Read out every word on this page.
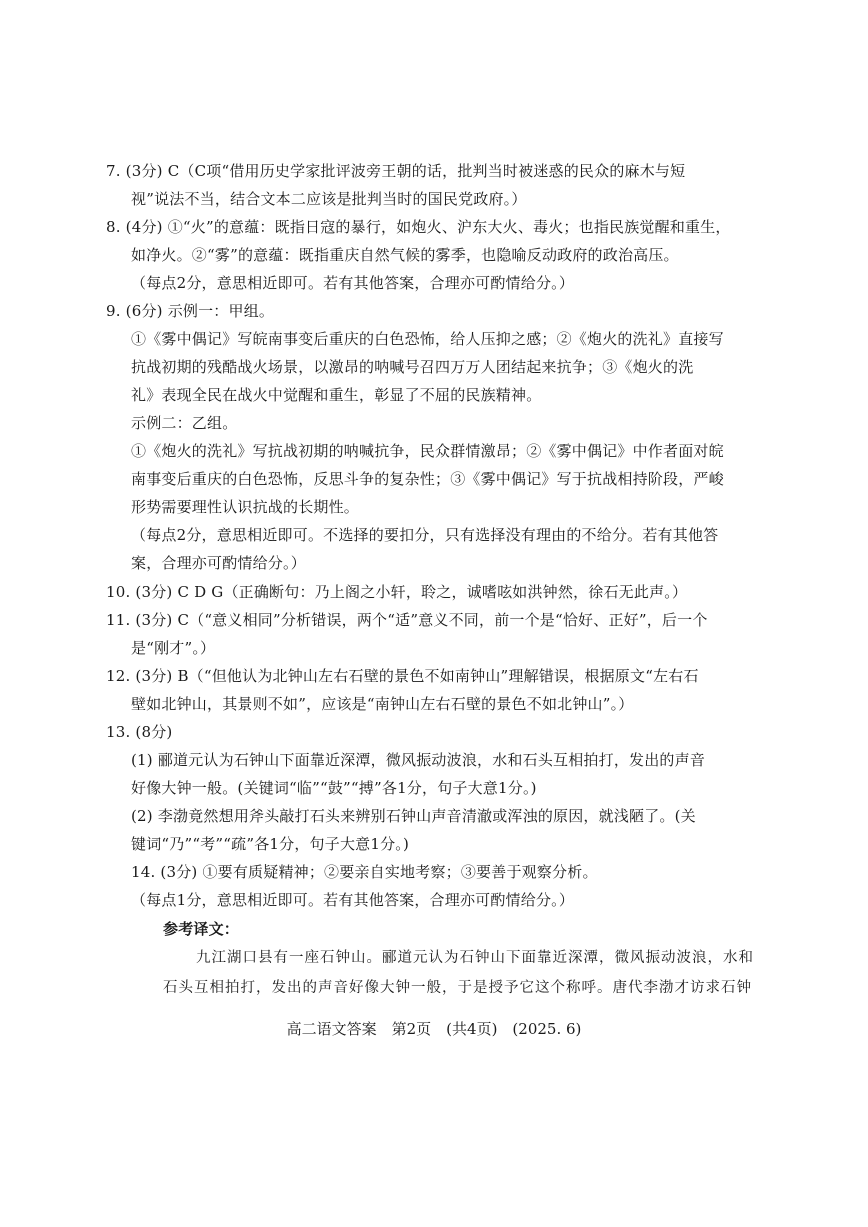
7. (3分) C（C项“借用历史学家批评波旁王朝的话，批判当时被迷惑的民众的麻木与短
视”说法不当，结合文本二应该是批判当时的国民党政府。）
8. (4分) ①“火”的意蕴：既指日寇的暴行，如炮火、沪东大火、毒火；也指民族觉醒和重生，
如净火。②“雾”的意蕴：既指重庆自然气候的雾季，也隐喻反动政府的政治高压。
（每点2分，意思相近即可。若有其他答案，合理亦可酌情给分。）
9. (6分) 示例一：甲组。
①《雾中偶记》写皖南事变后重庆的白色恐怖，给人压抑之感；②《炮火的洗礼》直接写
抗战初期的残酷战火场景，以激昂的呐喊号召四万万人团结起来抗争；③《炮火的洗
礼》表现全民在战火中觉醒和重生，彰显了不屈的民族精神。
示例二：乙组。
①《炮火的洗礼》写抗战初期的呐喊抗争，民众群情激昂；②《雾中偶记》中作者面对皖
南事变后重庆的白色恐怖，反思斗争的复杂性；③《雾中偶记》写于抗战相持阶段，严峻
形势需要理性认识抗战的长期性。
（每点2分，意思相近即可。不选择的要扣分，只有选择没有理由的不给分。若有其他答
案，合理亦可酌情给分。）
10. (3分) C D G（正确断句：乃上阁之小轩，聆之，诚嗜呟如洪钟然，徐石无此声。）
11. (3分) C（“意义相同”分析错误，两个“适”意义不同，前一个是“恰好、正好”，后一个
是“刚才”。）
12. (3分) B（“但他认为北钟山左右石壁的景色不如南钟山”理解错误，根据原文“左右石
壁如北钟山，其景则不如”，应该是“南钟山左右石壁的景色不如北钟山”。）
13. (8分)
(1) 郦道元认为石钟山下面靠近深潭，微风振动波浪，水和石头互相拍打，发出的声音
好像大钟一般。(关键词“临”“鼓”“搏”各1分，句子大意1分。)
(2) 李渤竟然想用斧头敲打石头来辨别石钟山声音清澈或浑浊的原因，就浅陋了。(关
键词“乃”“考”“疏”各1分，句子大意1分。)
14. (3分) ①要有质疑精神；②要亲自实地考察；③要善于观察分析。
（每点1分，意思相近即可。若有其他答案，合理亦可酌情给分。）
参考译文：
九江湖口县有一座石钟山。郦道元认为石钟山下面靠近深潭，微风振动波浪，水和
石头互相拍打，发出的声音好像大钟一般，于是授予它这个称呼。唐代李渤才访求石钟
高二语文答案　第2页　(共4页)　(2025. 6)
